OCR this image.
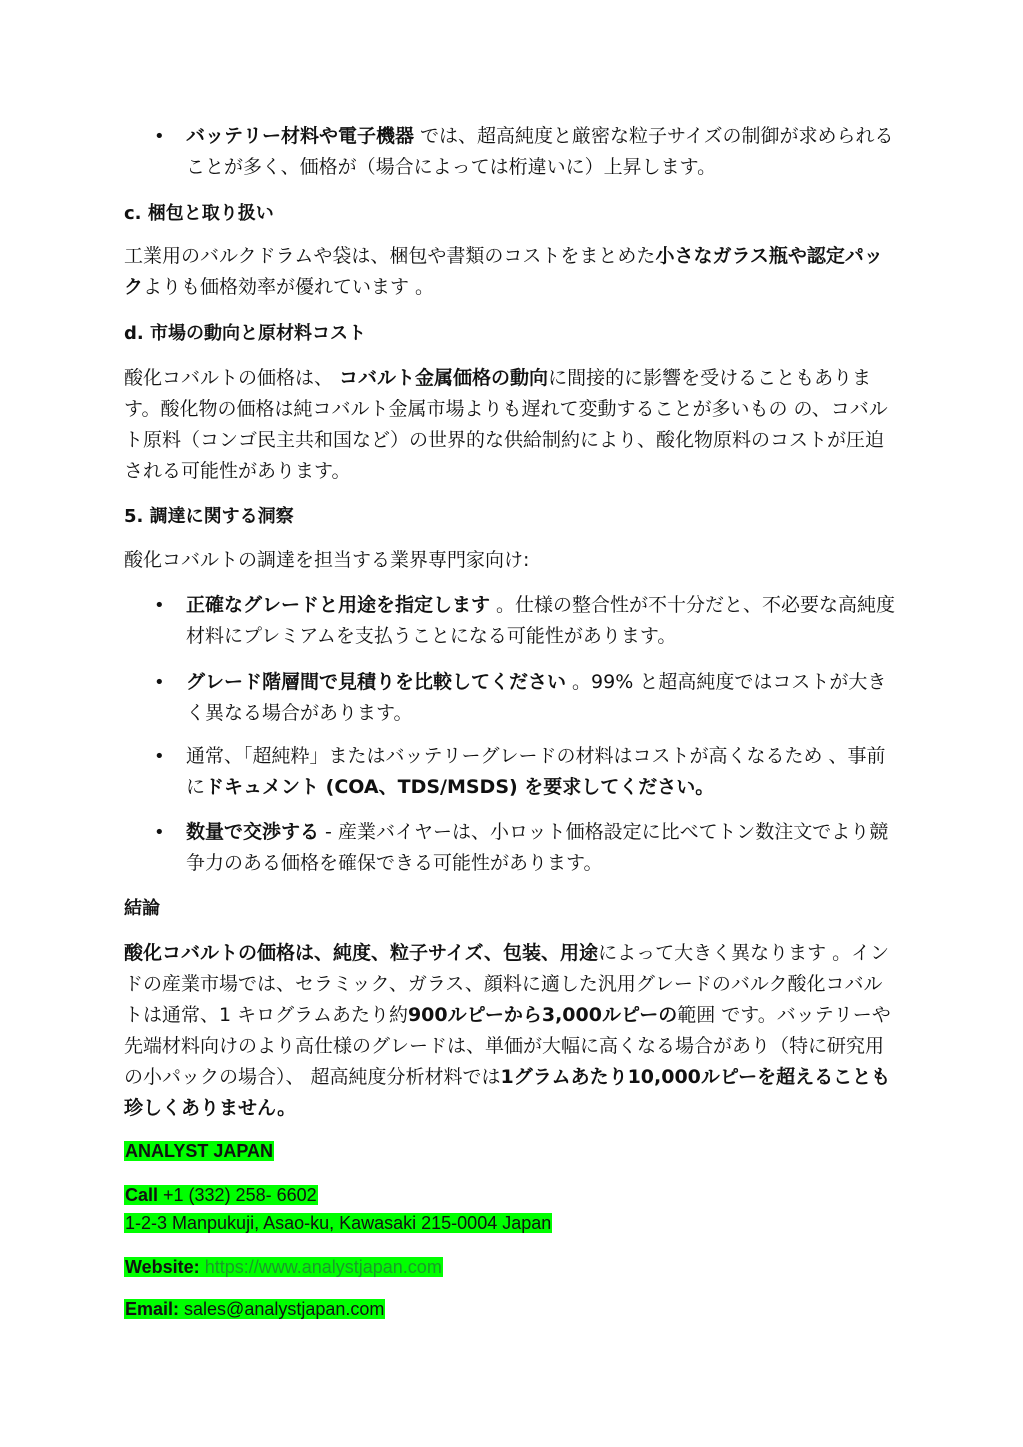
• バッテリー材料や電子機器 では、超高純度と厳密な粒子サイズの制御が求められることが多く、価格が（場合によっては桁違いに）上昇します。
c. 梱包と取り扱い

工業用のバルクドラムや袋は、梱包や書類のコストをまとめた小さなガラス瓶や認定パックよりも価格効率が優れています 。

d. 市場の動向と原材料コスト

酸化コバルトの価格は、 コバルト金属価格の動向に間接的に影響を受けることもあります。酸化物の価格は純コバルト金属市場よりも遅れて変動することが多いもの の、コバルト原料（コンゴ民主共和国など）の世界的な供給制約により、酸化物原料のコストが圧迫される可能性があります。

5. 調達に関する洞察

酸化コバルトの調達を担当する業界専門家向け:

• 正確なグレードと用途を指定します 。仕様の整合性が不十分だと、不必要な高純度材料にプレミアムを支払うことになる可能性があります。
• グレード階層間で見積りを比較してください 。99% と超高純度ではコストが大きく異なる場合があります。
• 通常、「超純粋」またはバッテリーグレードの材料はコストが高くなるため 、事前にドキュメント (COA、TDS/MSDS) を要求してください。
• 数量で交渉する - 産業バイヤーは、小ロット価格設定に比べてトン数注文でより競争力のある価格を確保できる可能性があります。
結論

酸化コバルトの価格は、純度、粒子サイズ、包装、用途によって大きく異なります 。インドの産業市場では、セラミック、ガラス、顔料に適した汎用グレードのバルク酸化コバルトは通常、1 キログラムあたり約900ルピーから3,000ルピーの範囲 です。バッテリーや先端材料向けのより高仕様のグレードは、単価が大幅に高くなる場合があり（特に研究用の小パックの場合）、 超高純度分析材料では1グラムあたり10,000ルピーを超えることも珍しくありません。

ANALYST JAPAN
Call +1 (332) 258- 6602
1-2-3 Manpukuji, Asao-ku, Kawasaki 215-0004 Japan
Website: https://www.analystjapan.com
Email: sales@analystjapan.com
